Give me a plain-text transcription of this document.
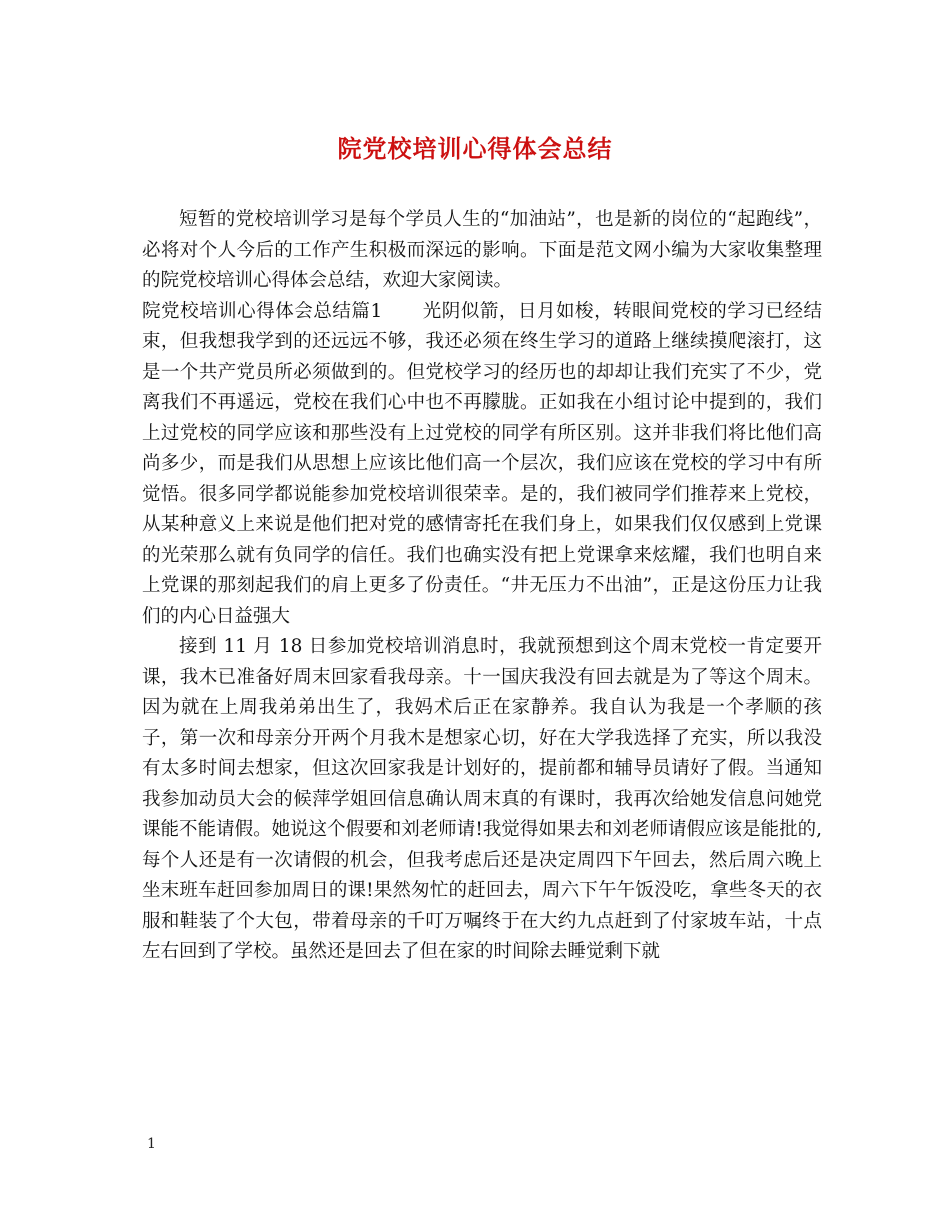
院党校培训心得体会总结

短暂的党校培训学习是每个学员人生的“加油站”，也是新的岗位的“起跑线”，必将对个人今后的工作产生积极而深远的影响。下面是范文网小编为大家收集整理的院党校培训心得体会总结，欢迎大家阅读。

院党校培训心得体会总结篇1 光阴似箭，日月如梭，转眼间党校的学习已经结束，但我想我学到的还远远不够，我还必须在终生学习的道路上继续摸爬滚打，这是一个共产党员所必须做到的。但党校学习的经历也的却却让我们充实了不少，党离我们不再遥远，党校在我们心中也不再朦胧。正如我在小组讨论中提到的，我们上过党校的同学应该和那些没有上过党校的同学有所区别。这并非我们将比他们高尚多少，而是我们从思想上应该比他们高一个层次，我们应该在党校的学习中有所觉悟。很多同学都说能参加党校培训很荣幸。是的，我们被同学们推荐来上党校，从某种意义上来说是他们把对党的感情寄托在我们身上，如果我们仅仅感到上党课的光荣那么就有负同学的信任。我们也确实没有把上党课拿来炫耀，我们也明自来上党课的那刻起我们的肩上更多了份责任。“井无压力不出油”，正是这份压力让我们的内心日益强大

接到 11 月 18 日参加党校培训消息时，我就预想到这个周末党校一肯定要开课，我木已准备好周末回家看我母亲。十一国庆我没有回去就是为了等这个周末。因为就在上周我弟弟出生了，我妈术后正在家静养。我自认为我是一个孝顺的孩子，第一次和母亲分开两个月我木是想家心切，好在大学我选择了充实，所以我没有太多时间去想家，但这次回家我是计划好的，提前都和辅导员请好了假。当通知我参加动员大会的候萍学姐回信息确认周末真的有课时，我再次给她发信息问她党课能不能请假。她说这个假要和刘老师请!我觉得如果去和刘老师请假应该是能批的,每个人还是有一次请假的机会，但我考虑后还是决定周四下午回去，然后周六晚上坐末班车赶回参加周日的课!果然匆忙的赶回去，周六下午午饭没吃，拿些冬天的衣服和鞋装了个大包，带着母亲的千叮万嘱终于在大约九点赶到了付家坡车站，十点左右回到了学校。虽然还是回去了但在家的时间除去睡觉剩下就

1
